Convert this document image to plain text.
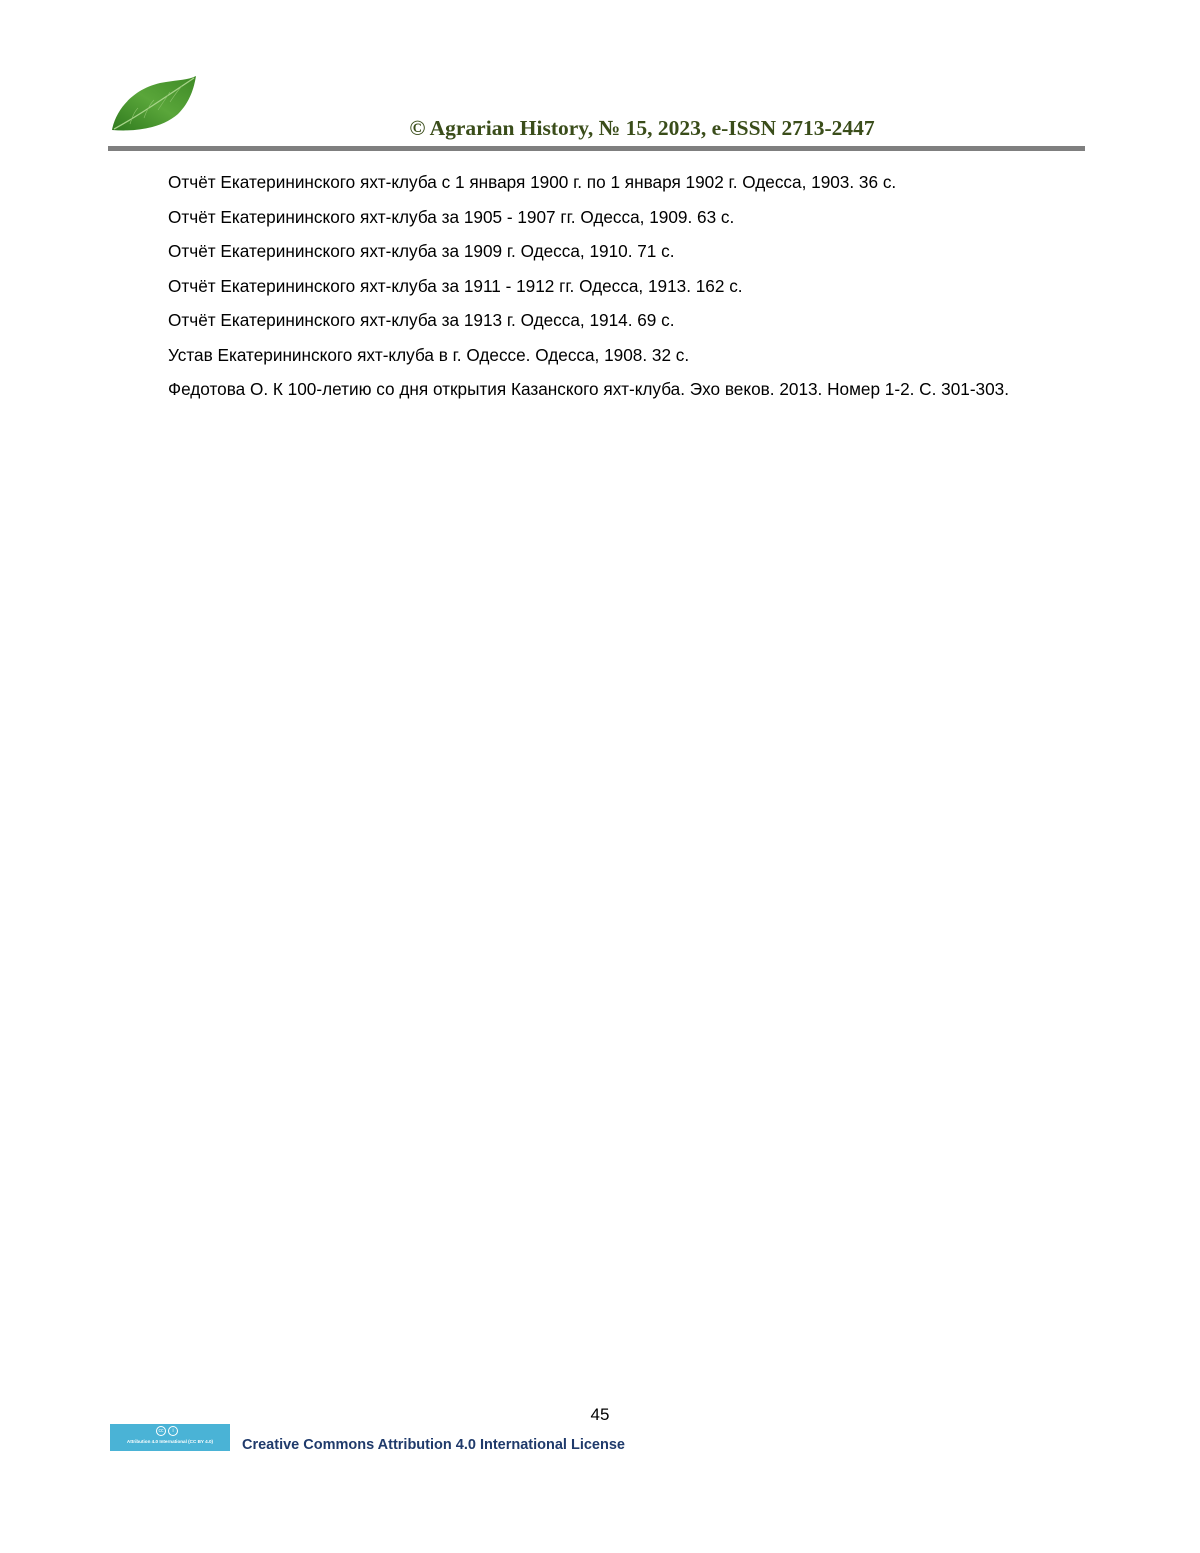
© Agrarian History, № 15, 2023, e-ISSN 2713-2447

Отчёт Екатерининского яхт-клуба с 1 января 1900 г. по 1 января 1902 г. Одесса, 1903. 36 с.

Отчёт Екатерининского яхт-клуба за 1905 - 1907 гг. Одесса, 1909. 63 с.

Отчёт Екатерининского яхт-клуба за 1909 г. Одесса, 1910. 71 с.

Отчёт Екатерининского яхт-клуба за 1911 - 1912 гг. Одесса, 1913. 162 с.

Отчёт Екатерининского яхт-клуба за 1913 г. Одесса, 1914. 69 с.

Устав Екатерининского яхт-клуба в г. Одессе. Одесса, 1908. 32 с.

Федотова О. К 100-летию со дня открытия Казанского яхт-клуба. Эхо веков. 2013. Номер 1-2. С. 301-303.

45
cc	i
Attribution 4.0 International (CC BY 4.0)	Creative Commons Attribution 4.0 International License
